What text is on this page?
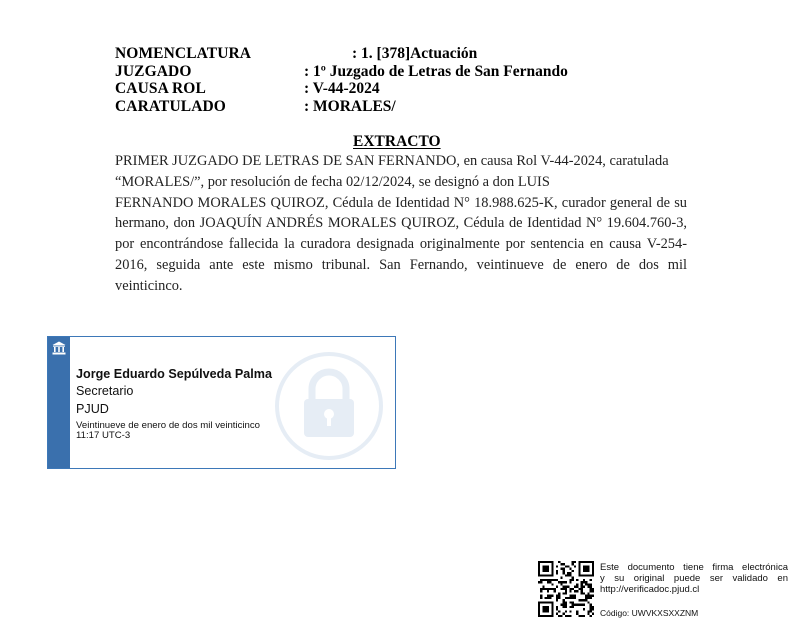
NOMENCLATURA	: 1. [378]Actuación
JUZGADO	: 1º Juzgado de Letras de San Fernando
CAUSA ROL	: V-44-2024
CARATULADO	: MORALES/
EXTRACTO

PRIMER JUZGADO DE LETRAS DE SAN FERNANDO, en causa Rol V-44-2024, caratulada “MORALES/”, por resolución de fecha 02/12/2024, se designó a don LUIS

FERNANDO MORALES QUIROZ, Cédula de Identidad N° 18.988.625-K, curador general de su hermano, don JOAQUÍN ANDRÉS MORALES QUIROZ, Cédula de Identidad N° 19.604.760-3, por encontrándose fallecida la curadora designada originalmente por sentencia en causa V-254-2016, seguida ante este mismo tribunal. San Fernando, veintinueve de enero de dos mil veinticinco.

Jorge Eduardo Sepúlveda Palma
Secretario
PJUD
Veintinueve de enero de dos mil veinticinco
11:17 UTC-3
Este documento tiene firma electrónica
y su original puede ser validado en
http://verificadoc.pjud.cl
Código: UWVKXSXXZNM
